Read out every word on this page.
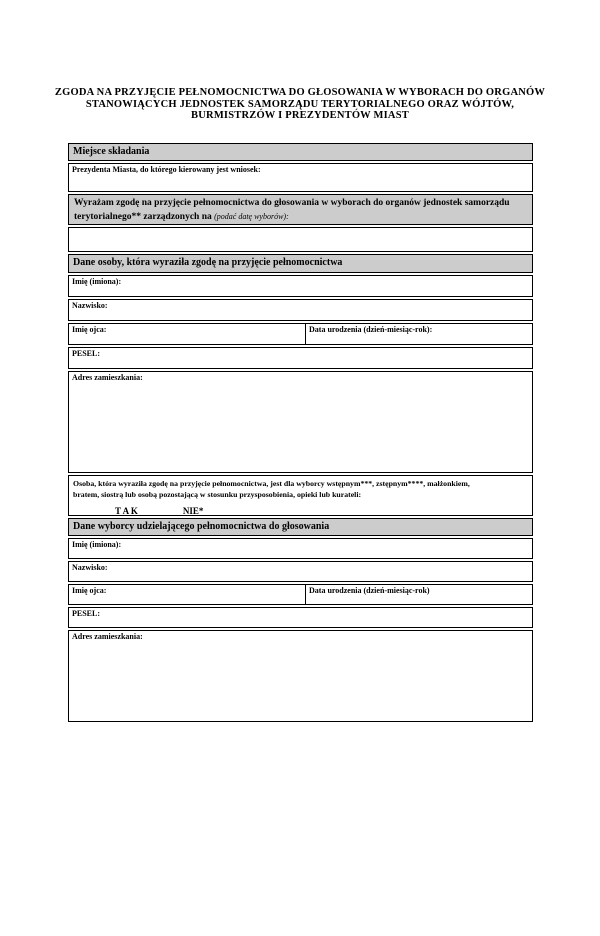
ZGODA NA PRZYJĘCIE PEŁNOMOCNICTWA DO GŁOSOWANIA W WYBORACH DO ORGANÓW
STANOWIĄCYCH JEDNOSTEK SAMORZĄDU TERYTORIALNEGO ORAZ WÓJTÓW,
BURMISTRZÓW I PREZYDENTÓW MIAST
Miejsce składania
Prezydenta Miasta, do którego kierowany jest wniosek:
Wyrażam zgodę na przyjęcie pełnomocnictwa do głosowania w wyborach do organów jednostek samorządu terytorialnego** zarządzonych na (podać datę wyborów):
Dane osoby, która wyraziła zgodę na przyjęcie pełnomocnictwa
Imię (imiona):
Nazwisko:
Imię ojca:	Data urodzenia (dzień-miesiąc-rok):
PESEL:
Adres zamieszkania:
Osoba, która wyraziła zgodę na przyjęcie pełnomocnictwa, jest dla wyborcy wstępnym***, zstępnym****, małżonkiem,
bratem, siostrą lub osobą pozostającą w stosunku przysposobienia, opieki lub kurateli:
T A K	NIE*
Dane wyborcy udzielającego pełnomocnictwa do głosowania
Imię (imiona):
Nazwisko:
Imię ojca:	Data urodzenia (dzień-miesiąc-rok)
PESEL:
Adres zamieszkania:
